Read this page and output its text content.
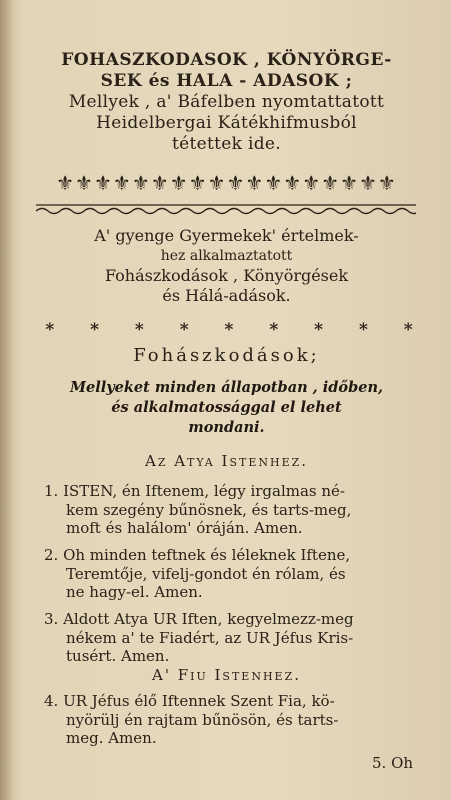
FOHASZKODASOK , KÖNYÖRGE-
SEK és HALA - ADASOK ;
Mellyek , a' Báfelben nyomtattatott
Heidelbergai Kátékhifmusból
tétettek ide.
⚜⚜⚜⚜⚜⚜⚜⚜⚜⚜⚜⚜⚜⚜⚜⚜⚜⚜
A' gyenge Gyermekek' értelmek-
hez alkalmaztatott
Fohászkodások , Könyörgések
és Hálá-adások.
* * * * * * * * *
Fohászkodások;
Mellyeket minden állapotban , időben,
és alkalmatossággal el lehet
mondani.
Az Atya Istenhez.
1. ISTEN, én Iftenem, légy irgalmas né-
kem szegény bűnösnek, és tarts-meg,
moft és halálom' óráján. Amen.
2. Oh minden teftnek és léleknek Iftene,
Teremtője, vifelj-gondot én rólam, és
ne hagy-el. Amen.
3. Aldott Atya UR Iften, kegyelmezz-meg
nékem a' te Fiadért, az UR Jéfus Kris-
tusért. Amen.
A' Fiu Istenhez.
4. UR Jéfus élő Iftennek Szent Fia, kö-
nyörülj én rajtam bűnösön, és tarts-
meg. Amen.
5. Oh
